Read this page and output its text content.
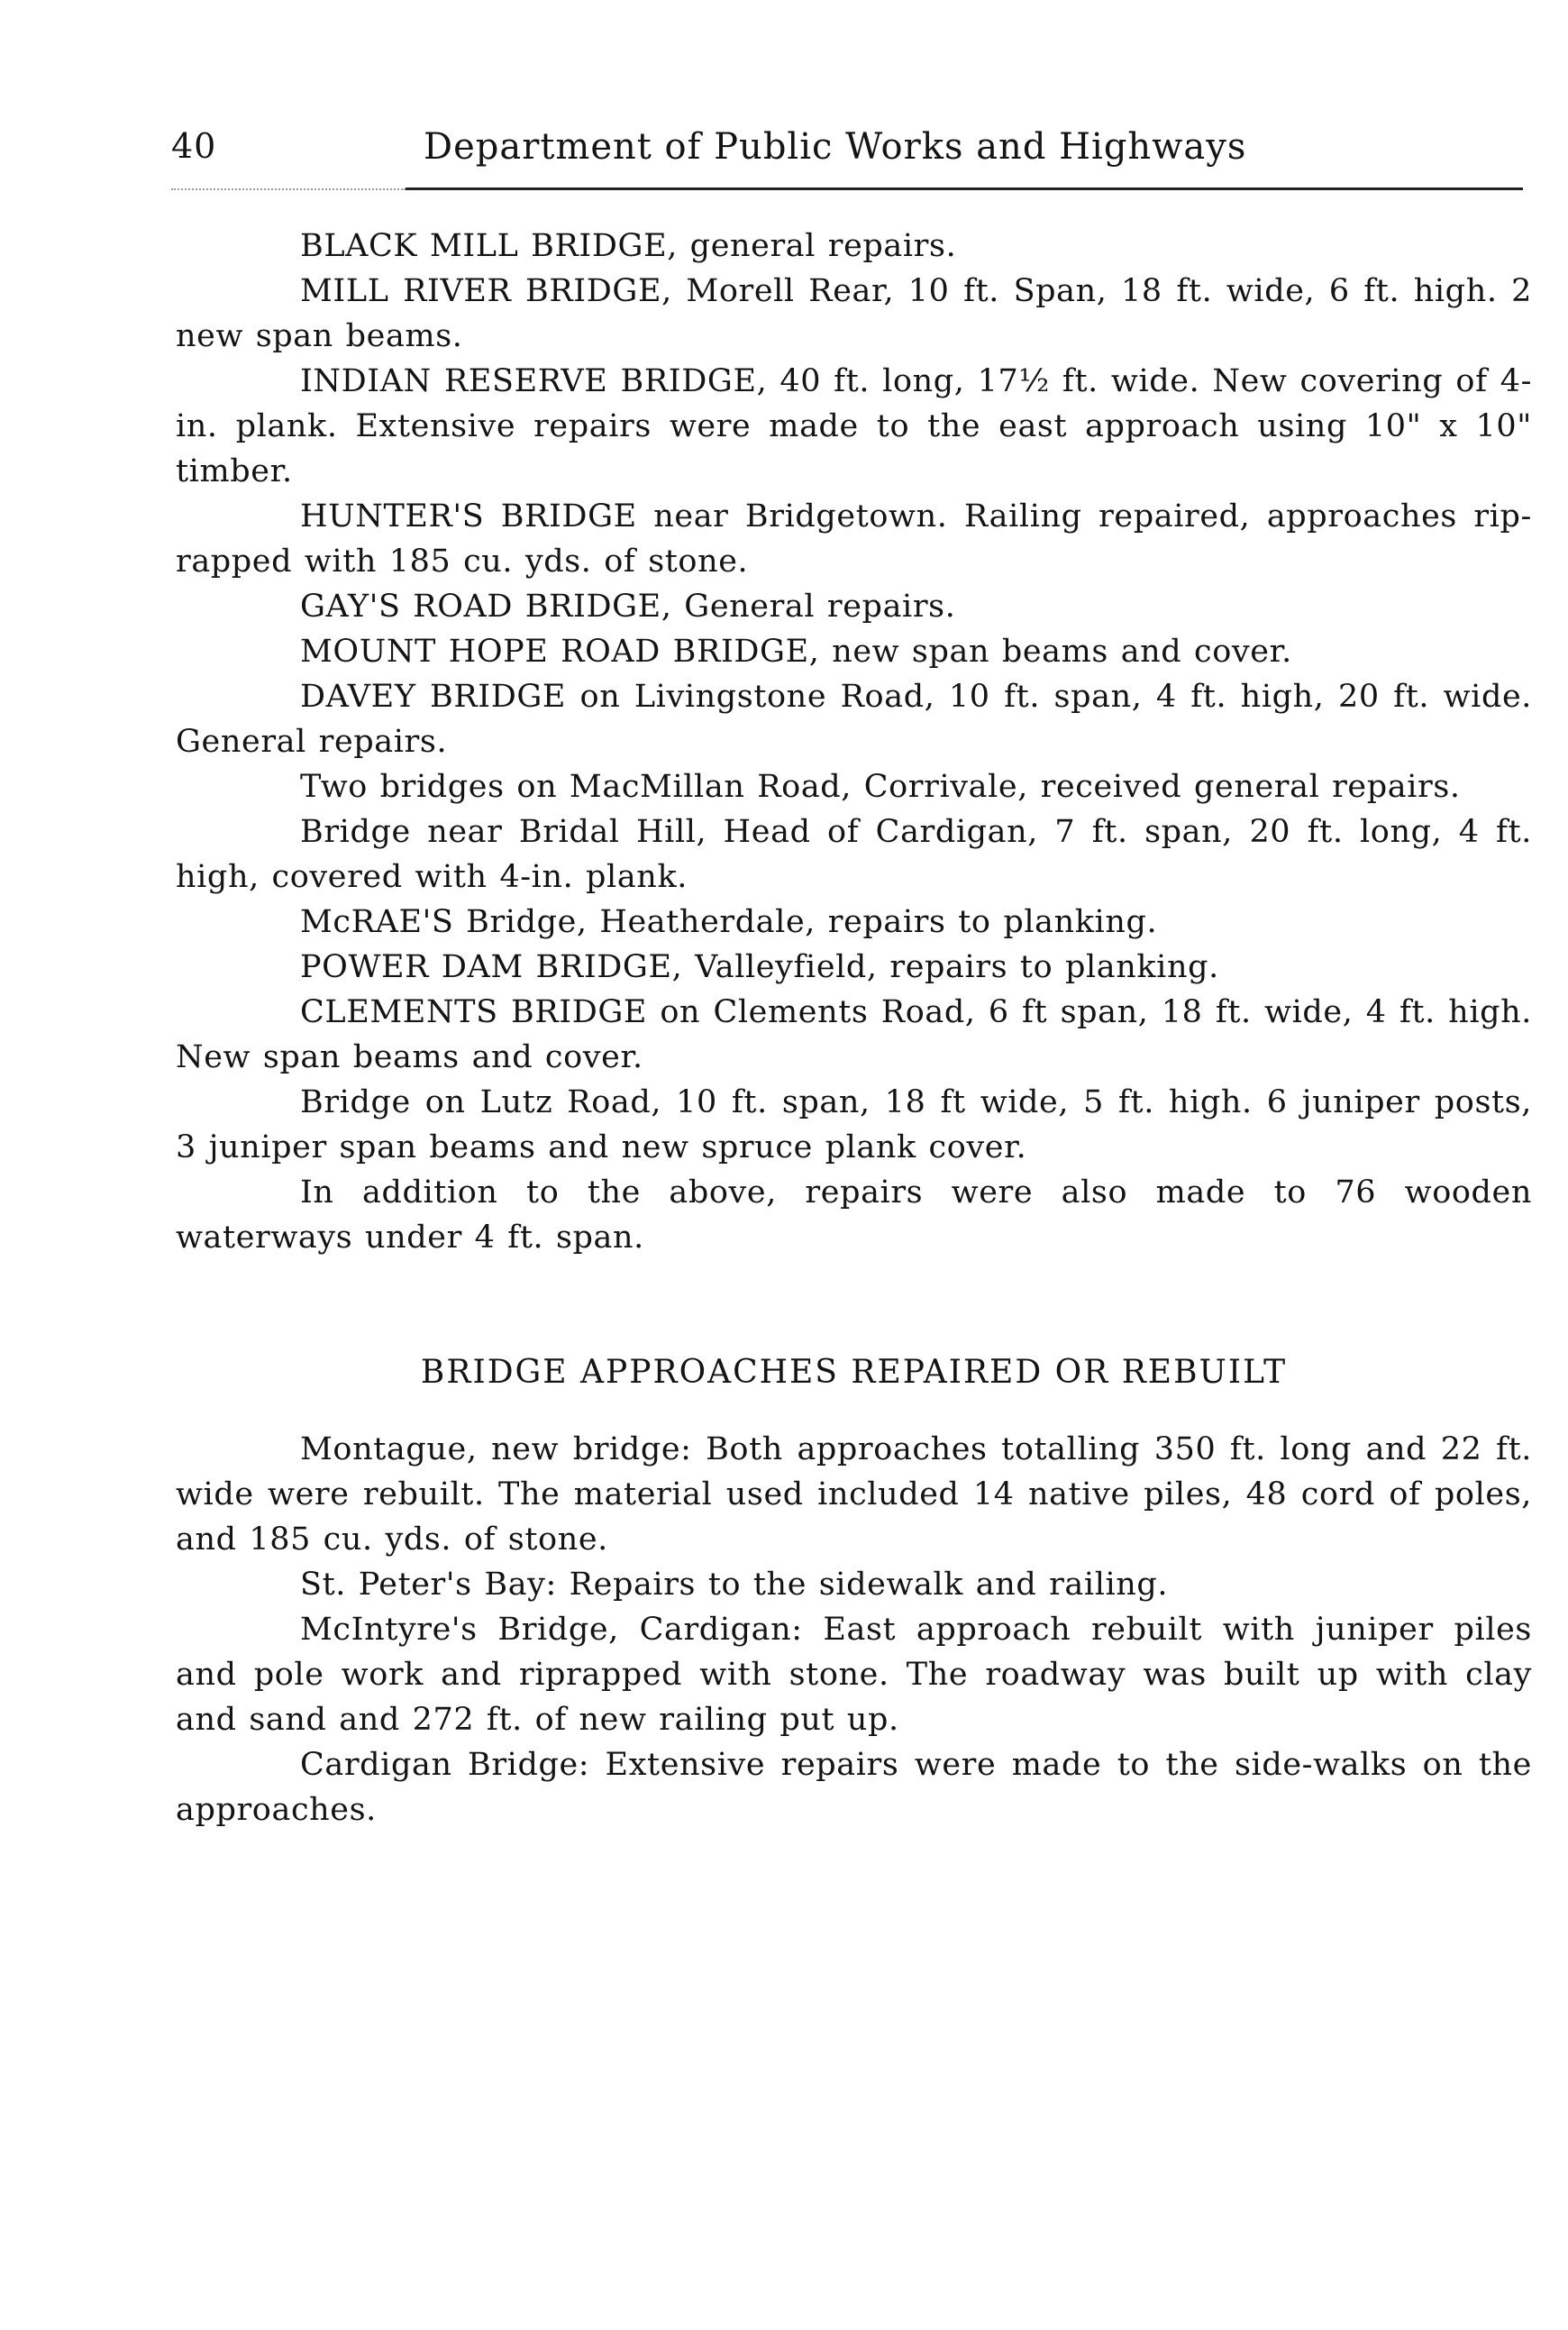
40	Department of Public Works and Highways

BLACK MILL BRIDGE, general repairs.

MILL RIVER BRIDGE, Morell Rear, 10 ft. Span, 18 ft. wide, 6 ft. high. 2 new span beams.

INDIAN RESERVE BRIDGE, 40 ft. long, 17½ ft. wide. New covering of 4-in. plank. Extensive repairs were made to the east approach using 10" x 10" timber.

HUNTER'S BRIDGE near Bridgetown. Railing repaired, approaches rip-rapped with 185 cu. yds. of stone.

GAY'S ROAD BRIDGE, General repairs.

MOUNT HOPE ROAD BRIDGE, new span beams and cover.

DAVEY BRIDGE on Livingstone Road, 10 ft. span, 4 ft. high, 20 ft. wide. General repairs.

Two bridges on MacMillan Road, Corrivale, received general repairs.

Bridge near Bridal Hill, Head of Cardigan, 7 ft. span, 20 ft. long, 4 ft. high, covered with 4-in. plank.

McRAE'S Bridge, Heatherdale, repairs to planking.

POWER DAM BRIDGE, Valleyfield, repairs to planking.

CLEMENTS BRIDGE on Clements Road, 6 ft span, 18 ft. wide, 4 ft. high. New span beams and cover.

Bridge on Lutz Road, 10 ft. span, 18 ft wide, 5 ft. high. 6 juniper posts, 3 juniper span beams and new spruce plank cover.

In addition to the above, repairs were also made to 76 wooden waterways under 4 ft. span.

BRIDGE APPROACHES REPAIRED OR REBUILT

Montague, new bridge: Both approaches totalling 350 ft. long and 22 ft. wide were rebuilt. The material used included 14 native piles, 48 cord of poles, and 185 cu. yds. of stone.

St. Peter's Bay: Repairs to the sidewalk and railing.

McIntyre's Bridge, Cardigan: East approach rebuilt with juniper piles and pole work and riprapped with stone. The roadway was built up with clay and sand and 272 ft. of new railing put up.

Cardigan Bridge: Extensive repairs were made to the side-walks on the approaches.
